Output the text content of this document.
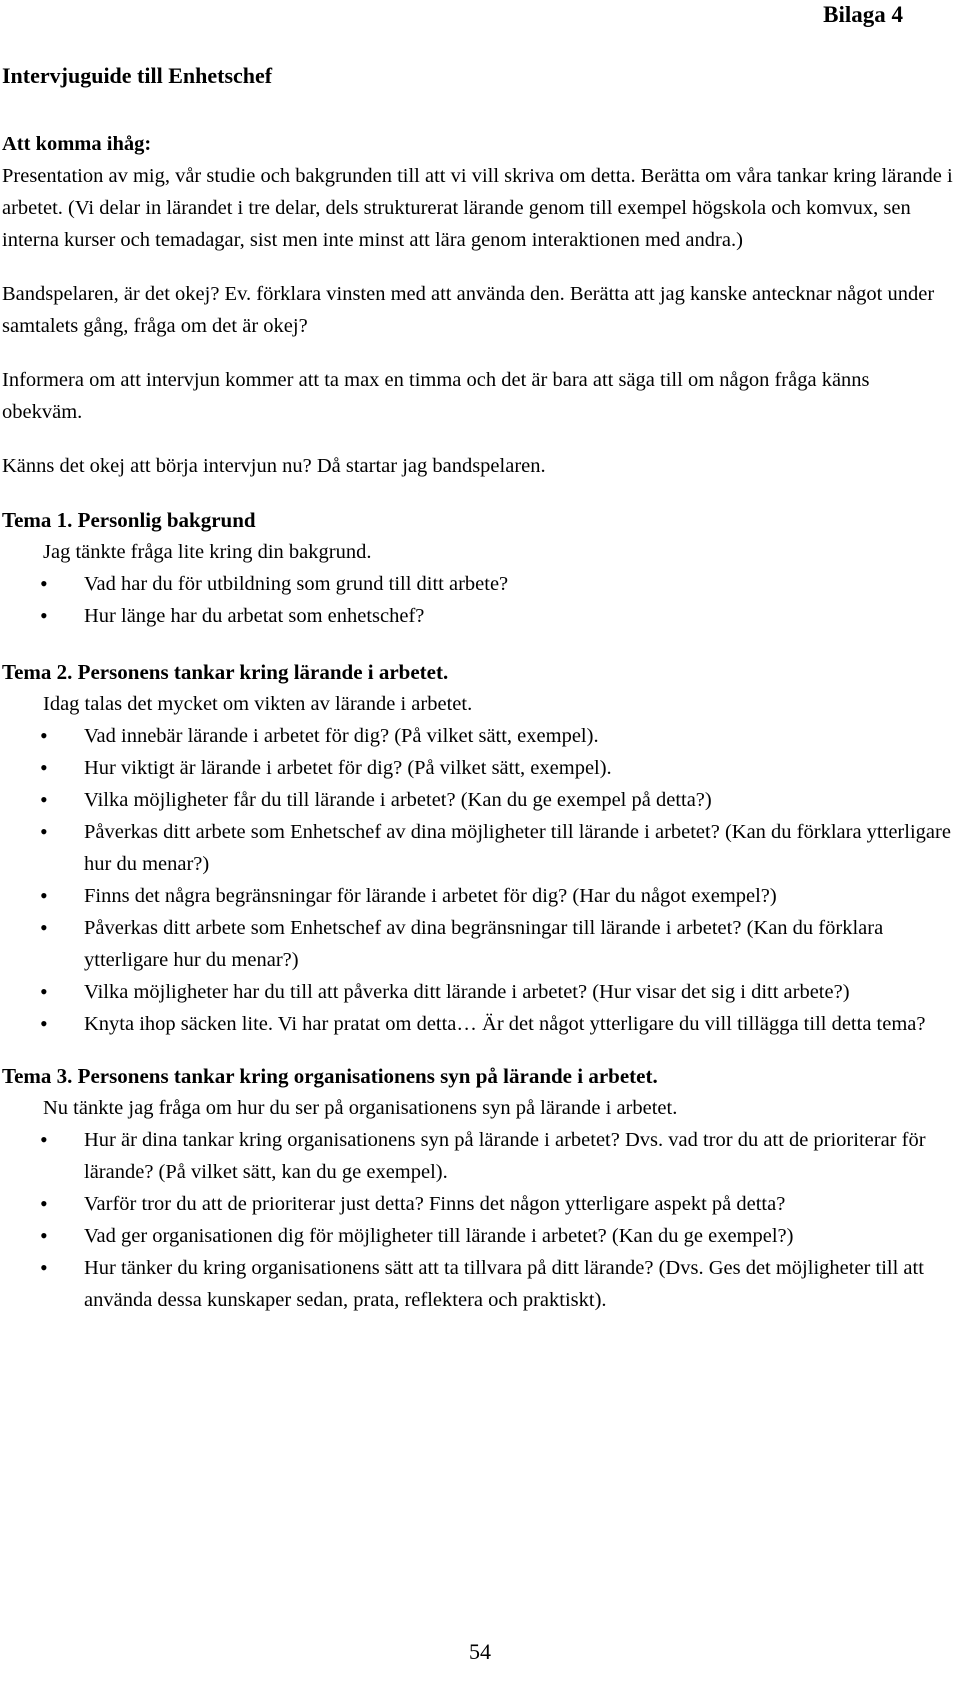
Bilaga 4
Intervjuguide till Enhetschef

Att komma ihåg:

Presentation av mig, vår studie och bakgrunden till att vi vill skriva om detta. Berätta om våra tankar kring lärande i arbetet. (Vi delar in lärandet i tre delar, dels strukturerat lärande genom till exempel högskola och komvux, sen interna kurser och temadagar, sist men inte minst att lära genom interaktionen med andra.)

Bandspelaren, är det okej? Ev. förklara vinsten med att använda den. Berätta att jag kanske antecknar något under samtalets gång, fråga om det är okej?

Informera om att intervjun kommer att ta max en timma och det är bara att säga till om någon fråga känns obekväm.

Känns det okej att börja intervjun nu? Då startar jag bandspelaren.

Tema 1. Personlig bakgrund

Jag tänkte fråga lite kring din bakgrund.

• Vad har du för utbildning som grund till ditt arbete?
• Hur länge har du arbetat som enhetschef?

Tema 2. Personens tankar kring lärande i arbetet.

Idag talas det mycket om vikten av lärande i arbetet.

• Vad innebär lärande i arbetet för dig? (På vilket sätt, exempel).
• Hur viktigt är lärande i arbetet för dig? (På vilket sätt, exempel).
• Vilka möjligheter får du till lärande i arbetet? (Kan du ge exempel på detta?)
• Påverkas ditt arbete som Enhetschef av dina möjligheter till lärande i arbetet? (Kan du förklara ytterligare hur du menar?)
• Finns det några begränsningar för lärande i arbetet för dig? (Har du något exempel?)
• Påverkas ditt arbete som Enhetschef av dina begränsningar till lärande i arbetet? (Kan du förklara ytterligare hur du menar?)
• Vilka möjligheter har du till att påverka ditt lärande i arbetet? (Hur visar det sig i ditt arbete?)
• Knyta ihop säcken lite. Vi har pratat om detta… Är det något ytterligare du vill tillägga till detta tema?

Tema 3. Personens tankar kring organisationens syn på lärande i arbetet.

Nu tänkte jag fråga om hur du ser på organisationens syn på lärande i arbetet.

• Hur är dina tankar kring organisationens syn på lärande i arbetet? Dvs. vad tror du att de prioriterar för lärande? (På vilket sätt, kan du ge exempel).
• Varför tror du att de prioriterar just detta? Finns det någon ytterligare aspekt på detta?
• Vad ger organisationen dig för möjligheter till lärande i arbetet? (Kan du ge exempel?)
• Hur tänker du kring organisationens sätt att ta tillvara på ditt lärande? (Dvs. Ges det möjligheter till att använda dessa kunskaper sedan, prata, reflektera och praktiskt).
54
